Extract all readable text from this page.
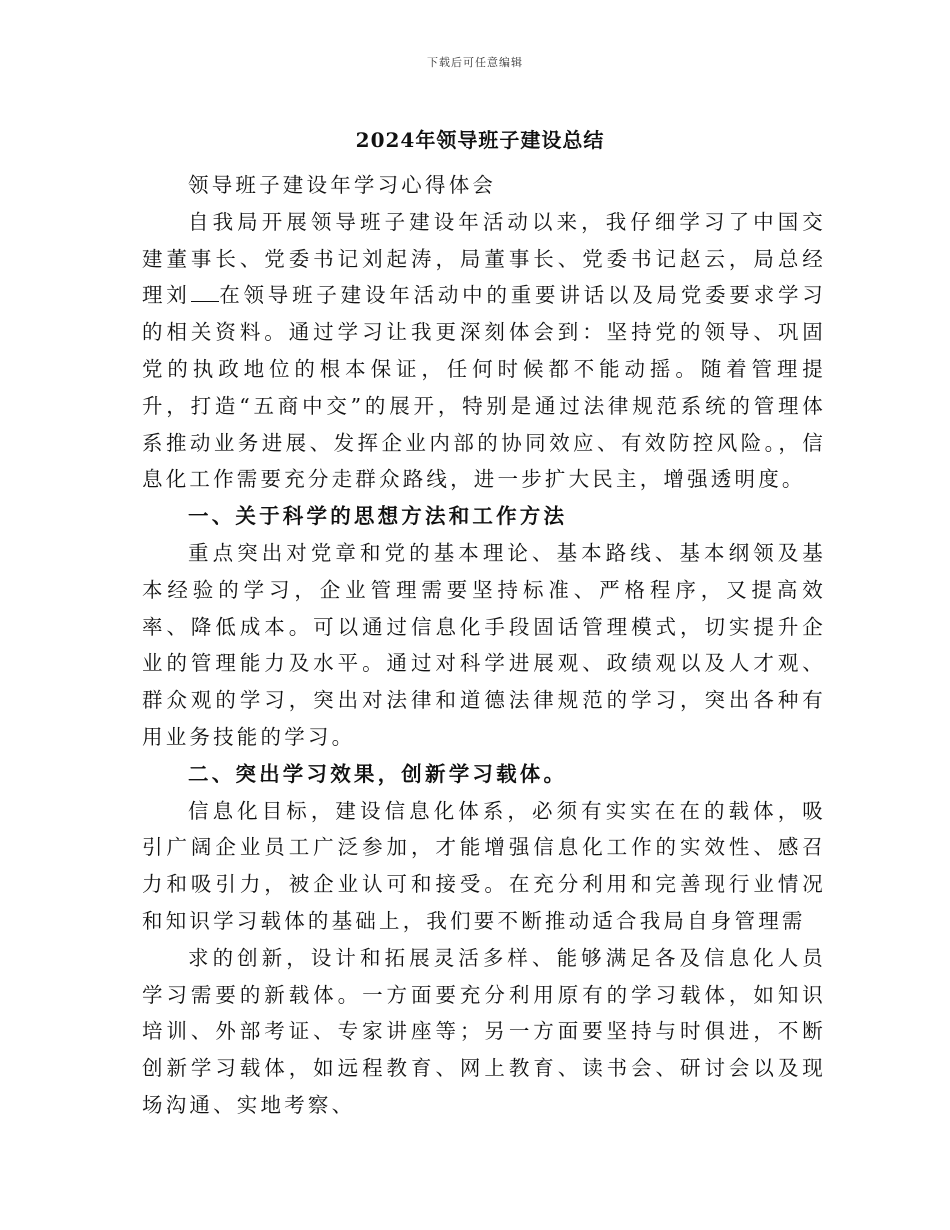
下载后可任意编辑
2024年领导班子建设总结

领导班子建设年学习心得体会

自我局开展领导班子建设年活动以来，我仔细学习了中国交建董事长、党委书记刘起涛，局董事长、党委书记赵云，局总经理刘 在领导班子建设年活动中的重要讲话以及局党委要求学习的相关资料。通过学习让我更深刻体会到：坚持党的领导、巩固党的执政地位的根本保证，任何时候都不能动摇。随着管理提升，打造“五商中交”的展开，特别是通过法律规范系统的管理体系推动业务进展、发挥企业内部的协同效应、有效防控风险。，信息化工作需要充分走群众路线，进一步扩大民主，增强透明度。

一、关于科学的思想方法和工作方法

重点突出对党章和党的基本理论、基本路线、基本纲领及基本经验的学习，企业管理需要坚持标准、严格程序，又提高效率、降低成本。可以通过信息化手段固话管理模式，切实提升企业的管理能力及水平。通过对科学进展观、政绩观以及人才观、群众观的学习，突出对法律和道德法律规范的学习，突出各种有用业务技能的学习。

二、突出学习效果，创新学习载体。

信息化目标，建设信息化体系，必须有实实在在的载体，吸引广阔企业员工广泛参加，才能增强信息化工作的实效性、感召力和吸引力，被企业认可和接受。在充分利用和完善现行业情况和知识学习载体的基础上，我们要不断推动适合我局自身管理需

求的创新，设计和拓展灵活多样、能够满足各及信息化人员学习需要的新载体。一方面要充分利用原有的学习载体，如知识培训、外部考证、专家讲座等；另一方面要坚持与时俱进，不断创新学习载体，如远程教育、网上教育、读书会、研讨会以及现场沟通、实地考察、
